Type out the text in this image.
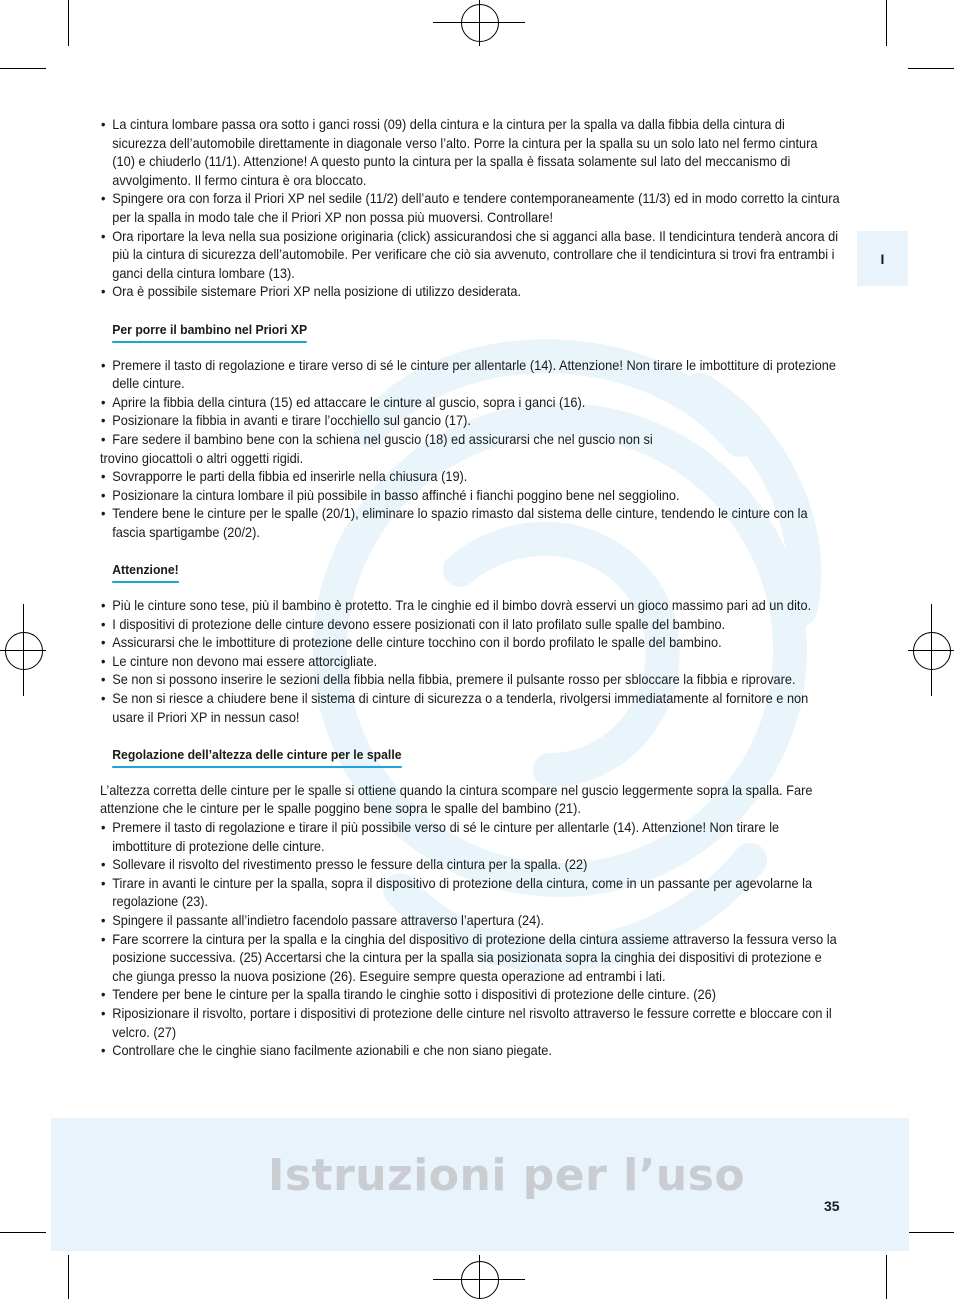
I
• La cintura lombare passa ora sotto i ganci rossi (09) della cintura e la cintura per la spalla va dalla fibbia della cintura di sicurezza dell’automobile direttamente in diagonale verso l’alto. Porre la cintura per la spalla su un solo lato nel fermo cintura (10) e chiuderlo (11/1). Attenzione! A questo punto la cintura per la spalla è fissata solamente sul lato del meccanismo di avvolgimento. Il fermo cintura è ora bloccato.
• Spingere ora con forza il Priori XP nel sedile (11/2) dell’auto e tendere contemporaneamente (11/3) ed in modo corretto la cintura per la spalla in modo tale che il Priori XP non possa più muoversi. Controllare!
• Ora riportare la leva nella sua posizione originaria (click) assicurandosi che si agganci alla base. Il tendicintura tenderà ancora di più la cintura di sicurezza dell’automobile. Per verificare che ciò sia avvenuto, controllare che il tendicintura si trovi fra entrambi i ganci della cintura lombare (13).
• Ora è possibile sistemare Priori XP nella posizione di utilizzo desiderata.
Per porre il bambino nel Priori XP
• Premere il tasto di regolazione e tirare verso di sé le cinture per allentarle (14). Attenzione! Non tirare le imbottiture di protezione delle cinture.
• Aprire la fibbia della cintura (15) ed attaccare le cinture al guscio, sopra i ganci (16).
• Posizionare la fibbia in avanti e tirare l’occhiello sul gancio (17).
• Fare sedere il bambino bene con la schiena nel guscio (18) ed assicurarsi che nel guscio non si
trovino giocattoli o altri oggetti rigidi.
• Sovrapporre le parti della fibbia ed inserirle nella chiusura (19).
• Posizionare la cintura lombare il più possibile in basso affinché i fianchi poggino bene nel seggiolino.
• Tendere bene le cinture per le spalle (20/1), eliminare lo spazio rimasto dal sistema delle cinture, tendendo le cinture con la fascia spartigambe (20/2).
Attenzione!
• Più le cinture sono tese, più il bambino è protetto. Tra le cinghie ed il bimbo dovrà esservi un gioco massimo pari ad un dito.
• I dispositivi di protezione delle cinture devono essere posizionati con il lato profilato sulle spalle del bambino.
• Assicurarsi che le imbottiture di protezione delle cinture tocchino con il bordo profilato le spalle del bambino.
• Le cinture non devono mai essere attorcigliate.
• Se non si possono inserire le sezioni della fibbia nella fibbia, premere il pulsante rosso per sbloccare la fibbia e riprovare.
• Se non si riesce a chiudere bene il sistema di cinture di sicurezza o a tenderla, rivolgersi immediatamente al fornitore e non usare il Priori XP in nessun caso!
Regolazione dell’altezza delle cinture per le spalle

L’altezza corretta delle cinture per le spalle si ottiene quando la cintura scompare nel guscio leggermente sopra la spalla. Fare attenzione che le cinture per le spalle poggino bene sopra le spalle del bambino (21).

• Premere il tasto di regolazione e tirare il più possibile verso di sé le cinture per allentarle (14). Attenzione! Non tirare le imbottiture di protezione delle cinture.
• Sollevare il risvolto del rivestimento presso le fessure della cintura per la spalla. (22)
• Tirare in avanti le cinture per la spalla, sopra il dispositivo di protezione della cintura, come in un passante per agevolarne la regolazione (23).
• Spingere il passante all’indietro facendolo passare attraverso l’apertura (24).
• Fare scorrere la cintura per la spalla e la cinghia del dispositivo di protezione della cintura assieme attraverso la fessura verso la posizione successiva. (25) Accertarsi che la cintura per la spalla sia posizionata sopra la cinghia dei dispositivi di protezione e che giunga presso la nuova posizione (26). Eseguire sempre questa operazione ad entrambi i lati.
• Tendere per bene le cinture per la spalla tirando le cinghie sotto i dispositivi di protezione delle cinture. (26)
• Riposizionare il risvolto, portare i dispositivi di protezione delle cinture nel risvolto attraverso le fessure corrette e bloccare con il velcro. (27)
• Controllare che le cinghie siano facilmente azionabili e che non siano piegate.
Istruzioni per l’uso
35
